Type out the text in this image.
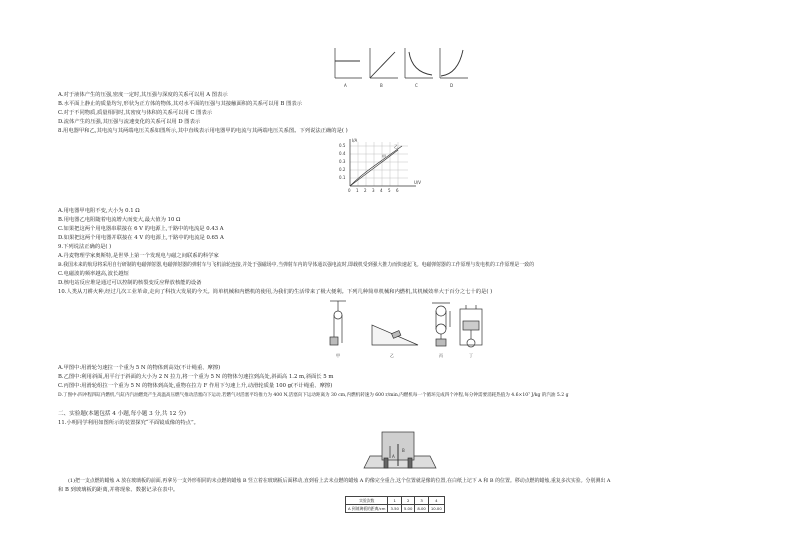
A	B	C	D
A.对于液体产生的压强,密度一定时,其压强与深度的关系可以用 A 图表示
B.水平面上静止的质量均匀,形状为正方体的物体,其对水平面的压强与其接触面积的关系可以用 B 图表示
C.对于不同物质,质量相同时,其密度与体积的关系可以用 C 图表示
D.流体产生的压强,其压强与流速变化的关系可以用 D 图表示
8.用电器甲和乙,其电流与其两端电压关系如图所示,其中直线表示用电器甲的电流与其两端电压关系图。下列说法正确的是( )
I/A
U/V
0.5
0.4
0.3
0.2
0.1
0 1 2 3 4 5 6
甲
乙
A.用电器甲电阻不变,大小为 0.1 Ω
B.用电器乙电阻随着电流增大而变大,最大值为 10 Ω
C.如果把这两个用电器串联接在 6 V 的电源上,干路中的电流是 0.43 A
D.如果把这两个用电器并联接在 4 V 的电源上,干路中的电流是 0.65 A
9.下列说法正确的是( )
A.丹麦物理学家奥斯特,是世界上第一个发现电与磁之间联系的科学家
B.我国未来的航母将采用自行研制的电磁弹射器,电磁弹射器的弹射车与飞机前轮连接,并处于强磁场中,当弹射车内的导体通以强电流时,即载机受到强大推力而快速起飞。电磁弹射器的工作原理与发电机的工作原理是一致的
C.电磁波的频率越高,波长越短
D.核电站反应堆是通过可以控制的核裂变反应释放核能的设备
10.人类从刀耕火种,经过几次工业革命,走向了科技大发展的今天。简单机械和内燃机的使用,为我们的生活带来了极大便利。下列几种简单机械和内燃机,其机械效率大于百分之七十的是( )
甲	乙	丙	丁
A.甲图中:用滑轮匀速拉一个重为 5 N 的物体到高处(不计绳重、摩擦)
B.乙图中:利用斜面,用平行于斜面的大小为 2 N 拉力,将一个重为 5 N 的物体匀速拉到高处,斜面高 1.2 m,斜面长 5 m
C.丙图中:用滑轮组拉一个重为 5 N 的物体到高处,重物在拉力 F 作用下匀速上升,动滑轮质量 100 g(不计绳重、摩擦)
D.丁图中:四冲程四缸内燃机,气缸内汽油燃烧产生高温高压燃气推动活塞向下运动,若燃气对活塞平均推力为 400 N,活塞向下运动距离为 30 cm,内燃机转速为 600 r/min,内燃机每一个循环完成四个冲程,每分钟需要消耗热值为 4.6×10⁷ J/kg 的汽油 5.2 g
二、实验题(本题包括 4 小题,每小题 3 分,共 12 分)
11.小明同学利用如图所示的装置探究“平面镜成像的特点”。
A
B
(1)把一支点燃的蜡烛 A 放在玻璃板的前面,再拿另一支外形相同的未点燃的蜡烛 B 竖立着在玻璃板后面移动,直到看上去未点燃的蜡烛 A 的像完全重合,这个位置就是像的位置,在白纸上记下 A 和 B 的位置。移动点燃的蜡烛,重复多次实验。分别测出 A
和 B 到玻璃板的距离,并将现象、数据记录在表中。
实验次数	1	2	3	4
A 到玻璃板的距离/cm	3.50	5.00	8.00	10.00
